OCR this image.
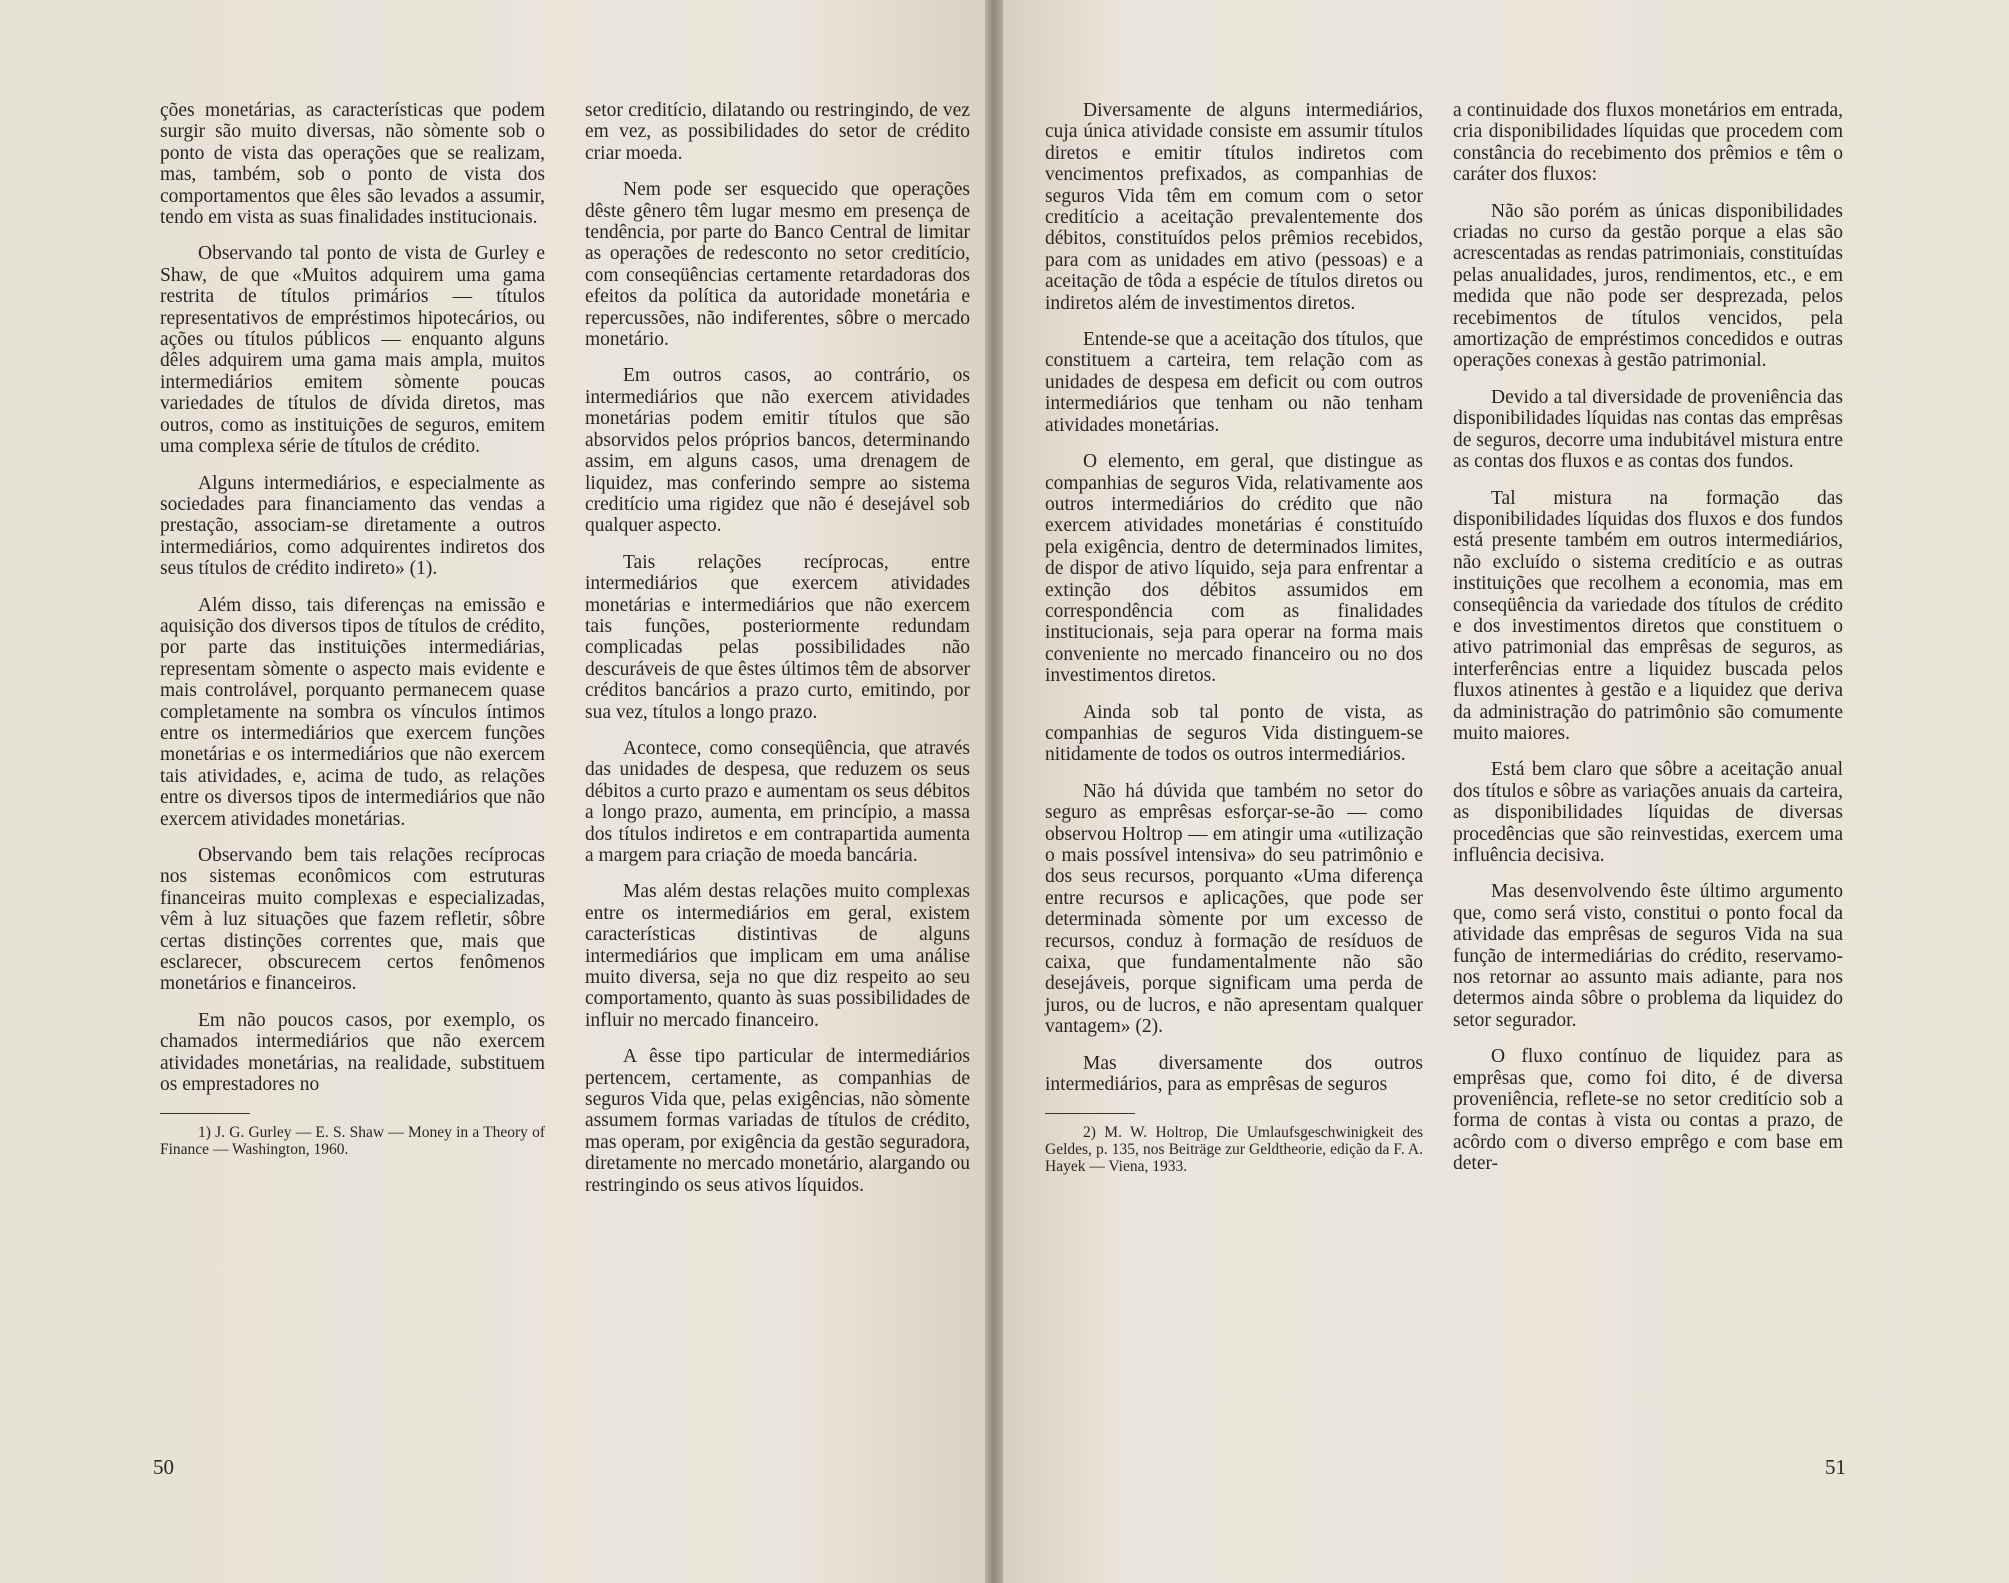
ções monetárias, as características que podem surgir são muito diversas, não sòmente sob o ponto de vista das operações que se realizam, mas, também, sob o ponto de vista dos comportamentos que êles são levados a assumir, tendo em vista as suas finalidades institucionais.

Observando tal ponto de vista de Gurley e Shaw, de que «Muitos adquirem uma gama restrita de títulos primários — títulos representativos de empréstimos hipotecários, ou ações ou títulos públicos — enquanto alguns dêles adquirem uma gama mais ampla, muitos intermediários emitem sòmente poucas variedades de títulos de dívida diretos, mas outros, como as instituições de seguros, emitem uma complexa série de títulos de crédito.

Alguns intermediários, e especialmente as sociedades para financiamento das vendas a prestação, associam-se diretamente a outros intermediários, como adquirentes indiretos dos seus títulos de crédito indireto» (1).

Além disso, tais diferenças na emissão e aquisição dos diversos tipos de títulos de crédito, por parte das instituições intermediárias, representam sòmente o aspecto mais evidente e mais controlável, porquanto permanecem quase completamente na sombra os vínculos íntimos entre os intermediários que exercem funções monetárias e os intermediários que não exercem tais atividades, e, acima de tudo, as relações entre os diversos tipos de intermediários que não exercem atividades monetárias.

Observando bem tais relações recíprocas nos sistemas econômicos com estruturas financeiras muito complexas e especializadas, vêm à luz situações que fazem refletir, sôbre certas distinções correntes que, mais que esclarecer, obscurecem certos fenômenos monetários e financeiros.

Em não poucos casos, por exemplo, os chamados intermediários que não exercem atividades monetárias, na realidade, substituem os emprestadores no

1) J. G. Gurley — E. S. Shaw — Money in a Theory of Finance — Washington, 1960.

setor creditício, dilatando ou restringindo, de vez em vez, as possibilidades do setor de crédito criar moeda.

Nem pode ser esquecido que operações dêste gênero têm lugar mesmo em presença de tendência, por parte do Banco Central de limitar as operações de redesconto no setor creditício, com conseqüências certamente retardadoras dos efeitos da política da autoridade monetária e repercussões, não indiferentes, sôbre o mercado monetário.

Em outros casos, ao contrário, os intermediários que não exercem atividades monetárias podem emitir títulos que são absorvidos pelos próprios bancos, determinando assim, em alguns casos, uma drenagem de liquidez, mas conferindo sempre ao sistema creditício uma rigidez que não é desejável sob qualquer aspecto.

Tais relações recíprocas, entre intermediários que exercem atividades monetárias e intermediários que não exercem tais funções, posteriormente redundam complicadas pelas possibilidades não descuráveis de que êstes últimos têm de absorver créditos bancários a prazo curto, emitindo, por sua vez, títulos a longo prazo.

Acontece, como conseqüência, que através das unidades de despesa, que reduzem os seus débitos a curto prazo e aumentam os seus débitos a longo prazo, aumenta, em princípio, a massa dos títulos indiretos e em contrapartida aumenta a margem para criação de moeda bancária.

Mas além destas relações muito complexas entre os intermediários em geral, existem características distintivas de alguns intermediários que implicam em uma análise muito diversa, seja no que diz respeito ao seu comportamento, quanto às suas possibilidades de influir no mercado financeiro.

A êsse tipo particular de intermediários pertencem, certamente, as companhias de seguros Vida que, pelas exigências, não sòmente assumem formas variadas de títulos de crédito, mas operam, por exigência da gestão seguradora, diretamente no mercado monetário, alargando ou restringindo os seus ativos líquidos.

50

Diversamente de alguns intermediários, cuja única atividade consiste em assumir títulos diretos e emitir títulos indiretos com vencimentos prefixados, as companhias de seguros Vida têm em comum com o setor creditício a aceitação prevalentemente dos débitos, constituídos pelos prêmios recebidos, para com as unidades em ativo (pessoas) e a aceitação de tôda a espécie de títulos diretos ou indiretos além de investimentos diretos.

Entende-se que a aceitação dos títulos, que constituem a carteira, tem relação com as unidades de despesa em deficit ou com outros intermediários que tenham ou não tenham atividades monetárias.

O elemento, em geral, que distingue as companhias de seguros Vida, relativamente aos outros intermediários do crédito que não exercem atividades monetárias é constituído pela exigência, dentro de determinados limites, de dispor de ativo líquido, seja para enfrentar a extinção dos débitos assumidos em correspondência com as finalidades institucionais, seja para operar na forma mais conveniente no mercado financeiro ou no dos investimentos diretos.

Ainda sob tal ponto de vista, as companhias de seguros Vida distinguem-se nitidamente de todos os outros intermediários.

Não há dúvida que também no setor do seguro as emprêsas esforçar-se-ão — como observou Holtrop — em atingir uma «utilização o mais possível intensiva» do seu patrimônio e dos seus recursos, porquanto «Uma diferença entre recursos e aplicações, que pode ser determinada sòmente por um excesso de recursos, conduz à formação de resíduos de caixa, que fundamentalmente não são desejáveis, porque significam uma perda de juros, ou de lucros, e não apresentam qualquer vantagem» (2).

Mas diversamente dos outros intermediários, para as emprêsas de seguros

2) M. W. Holtrop, Die Umlaufsgeschwinigkeit des Geldes, p. 135, nos Beiträge zur Geldtheorie, edição da F. A. Hayek — Viena, 1933.

a continuidade dos fluxos monetários em entrada, cria disponibilidades líquidas que procedem com constância do recebimento dos prêmios e têm o caráter dos fluxos:

Não são porém as únicas disponibilidades criadas no curso da gestão porque a elas são acrescentadas as rendas patrimoniais, constituídas pelas anualidades, juros, rendimentos, etc., e em medida que não pode ser desprezada, pelos recebimentos de títulos vencidos, pela amortização de empréstimos concedidos e outras operações conexas à gestão patrimonial.

Devido a tal diversidade de proveniência das disponibilidades líquidas nas contas das emprêsas de seguros, decorre uma indubitável mistura entre as contas dos fluxos e as contas dos fundos.

Tal mistura na formação das disponibilidades líquidas dos fluxos e dos fundos está presente também em outros intermediários, não excluído o sistema creditício e as outras instituições que recolhem a economia, mas em conseqüência da variedade dos títulos de crédito e dos investimentos diretos que constituem o ativo patrimonial das emprêsas de seguros, as interferências entre a liquidez buscada pelos fluxos atinentes à gestão e a liquidez que deriva da administração do patrimônio são comumente muito maiores.

Está bem claro que sôbre a aceitação anual dos títulos e sôbre as variações anuais da carteira, as disponibilidades líquidas de diversas procedências que são reinvestidas, exercem uma influência decisiva.

Mas desenvolvendo êste último argumento que, como será visto, constitui o ponto focal da atividade das emprêsas de seguros Vida na sua função de intermediárias do crédito, reservamo-nos retornar ao assunto mais adiante, para nos determos ainda sôbre o problema da liquidez do setor segurador.

O fluxo contínuo de liquidez para as emprêsas que, como foi dito, é de diversa proveniência, reflete-se no setor creditício sob a forma de contas à vista ou contas a prazo, de acôrdo com o diverso emprêgo e com base em deter-

51
